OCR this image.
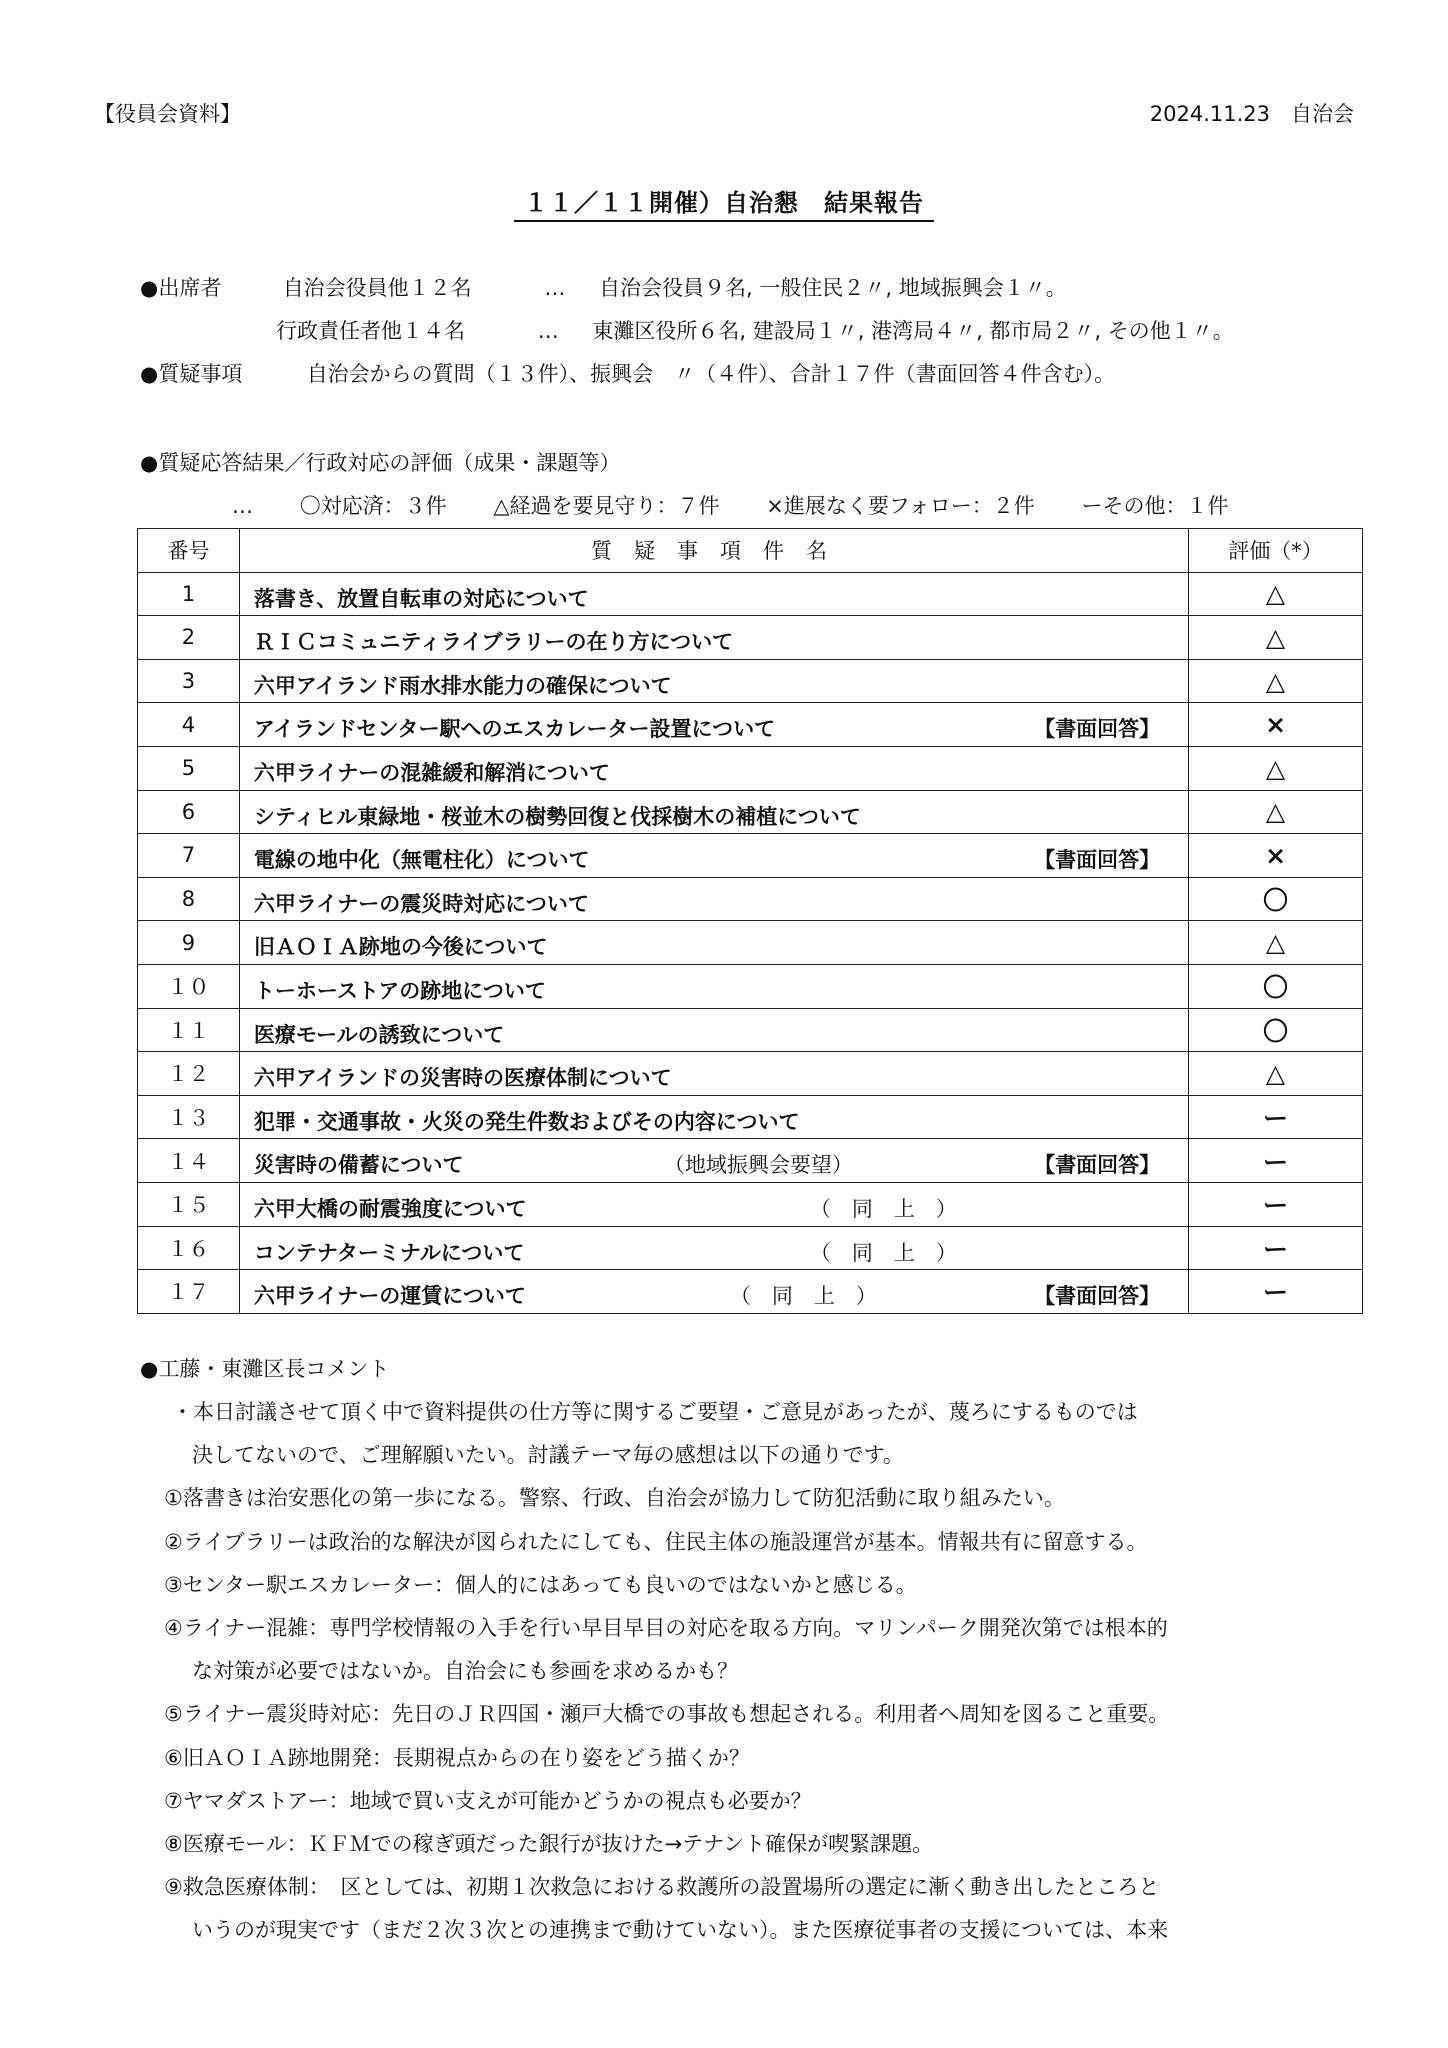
【役員会資料】	2024.11.23　自治会
１１／１１開催）自治懇　結果報告
●出席者	自治会役員他１２名	… 自治会役員９名, 一般住民２〃, 地域振興会１〃。
行政責任者他１４名	… 東灘区役所６名, 建設局１〃, 港湾局４〃, 都市局２〃, その他１〃。
●質疑事項	自治会からの質問（１３件）、振興会　〃（４件）、合計１７件（書面回答４件含む）。
●質疑応答結果／行政対応の評価（成果・課題等）
… 〇対応済：３件 △経過を要見守り：７件 ×進展なく要フォロー：２件 ーその他：１件
番号	質疑事項件名	評価（*）
1	落書き、放置自転車の対応について	△
2	ＲＩＣコミュニティライブラリーの在り方について	△
3	六甲アイランド雨水排水能力の確保について	△
4	アイランドセンター駅へのエスカレーター設置について 【書面回答】	×
5	六甲ライナーの混雑緩和解消について	△
6	シティヒル東緑地・桜並木の樹勢回復と伐採樹木の補植について	△
7	電線の地中化（無電柱化）について 【書面回答】	×
8	六甲ライナーの震災時対応について	〇
9	旧ＡＯＩＡ跡地の今後について	△
１０	トーホーストアの跡地について	〇
１１	医療モールの誘致について	〇
１２	六甲アイランドの災害時の医療体制について	△
１３	犯罪・交通事故・火災の発生件数およびその内容について	ー
１４	災害時の備蓄について （地域振興会要望） 【書面回答】	ー
１５	六甲大橋の耐震強度について （　同　上　）	ー
１６	コンテナターミナルについて （　同　上　）	ー
１７	六甲ライナーの運賃について （　同　上　） 【書面回答】	ー
●工藤・東灘区長コメント
・本日討議させて頂く中で資料提供の仕方等に関するご要望・ご意見があったが、蔑ろにするものでは
決してないので、ご理解願いたい。討議テーマ毎の感想は以下の通りです。
①落書きは治安悪化の第一歩になる。警察、行政、自治会が協力して防犯活動に取り組みたい。
②ライブラリーは政治的な解決が図られたにしても、住民主体の施設運営が基本。情報共有に留意する。
③センター駅エスカレーター：個人的にはあっても良いのではないかと感じる。
④ライナー混雑：専門学校情報の入手を行い早目早目の対応を取る方向。マリンパーク開発次第では根本的
な対策が必要ではないか。自治会にも参画を求めるかも？
⑤ライナー震災時対応：先日のＪＲ四国・瀬戸大橋での事故も想起される。利用者へ周知を図ること重要。
⑥旧ＡＯＩＡ跡地開発：長期視点からの在り姿をどう描くか？
⑦ヤマダストアー：地域で買い支えが可能かどうかの視点も必要か？
⑧医療モール：ＫＦＭでの稼ぎ頭だった銀行が抜けた→テナント確保が喫緊課題。
⑨救急医療体制：　区としては、初期１次救急における救護所の設置場所の選定に漸く動き出したところと
いうのが現実です（まだ２次３次との連携まで動けていない）。また医療従事者の支援については、本来
